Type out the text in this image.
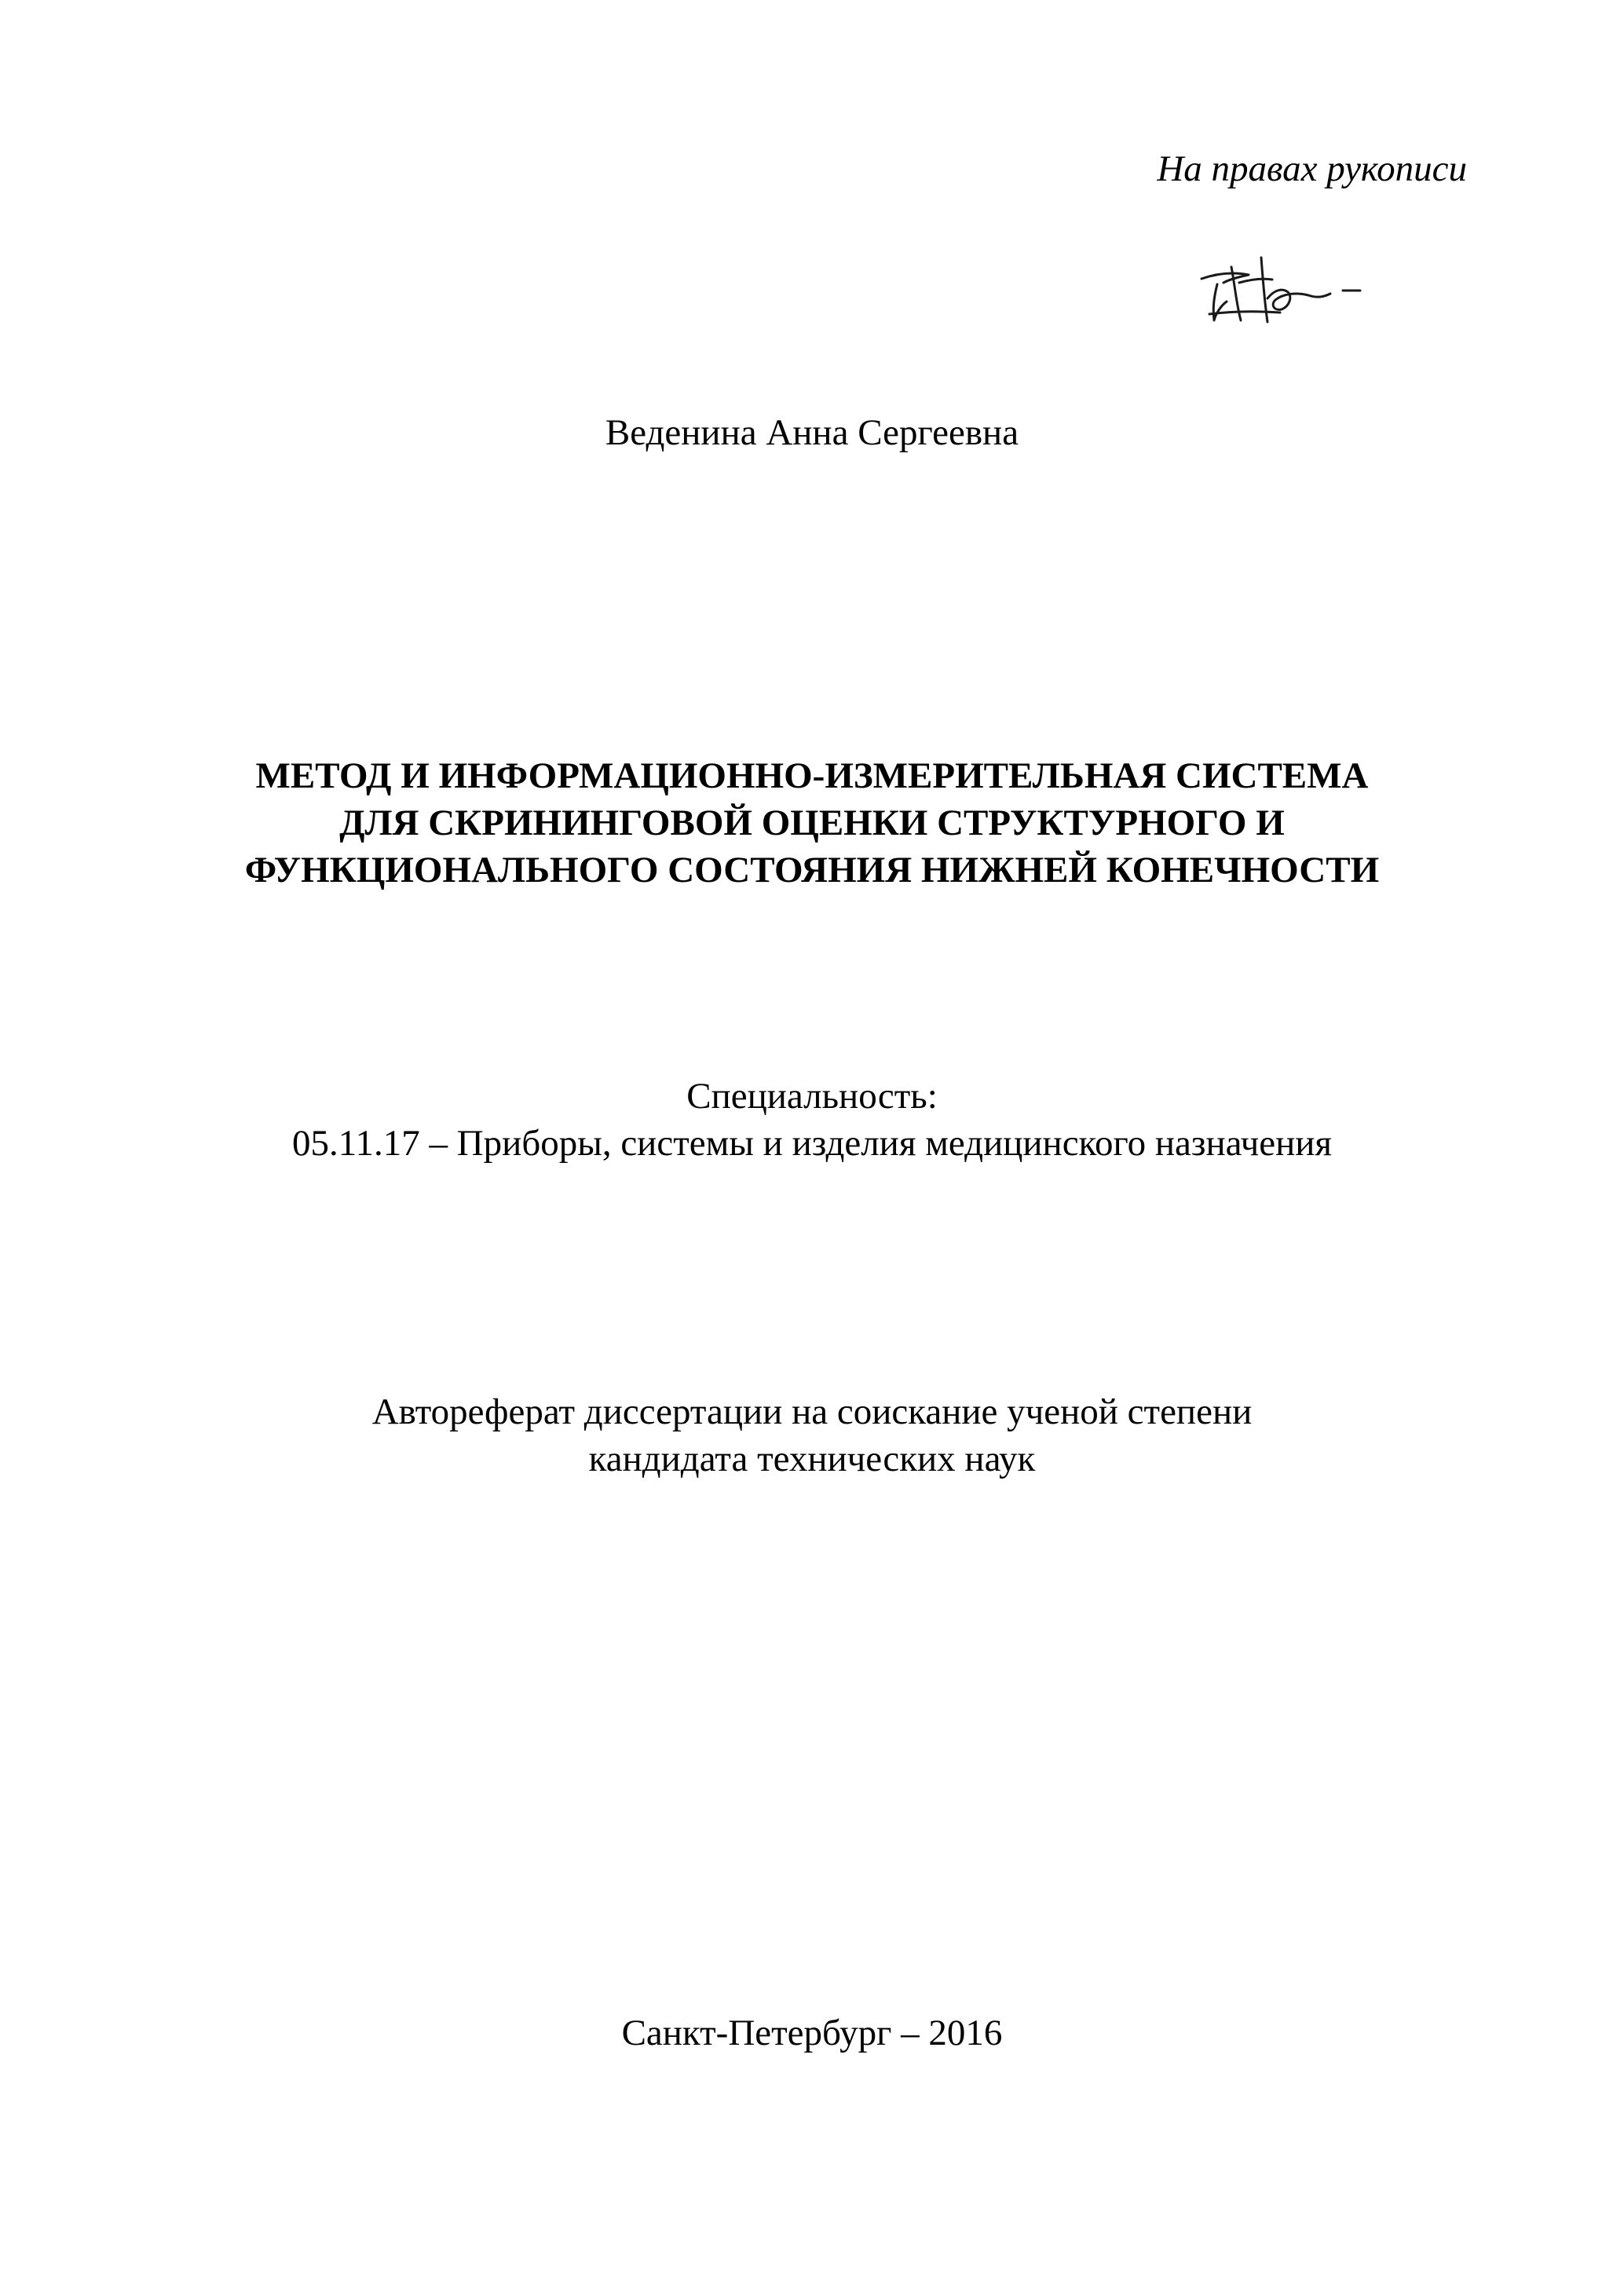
На правах рукописи
Веденина Анна Сергеевна
МЕТОД И ИНФОРМАЦИОННО-ИЗМЕРИТЕЛЬНАЯ СИСТЕМА
ДЛЯ СКРИНИНГОВОЙ ОЦЕНКИ СТРУКТУРНОГО И
ФУНКЦИОНАЛЬНОГО СОСТОЯНИЯ НИЖНЕЙ КОНЕЧНОСТИ
Специальность:
05.11.17 – Приборы, системы и изделия медицинского назначения
Автореферат диссертации на соискание ученой степени
кандидата технических наук
Санкт-Петербург – 2016
